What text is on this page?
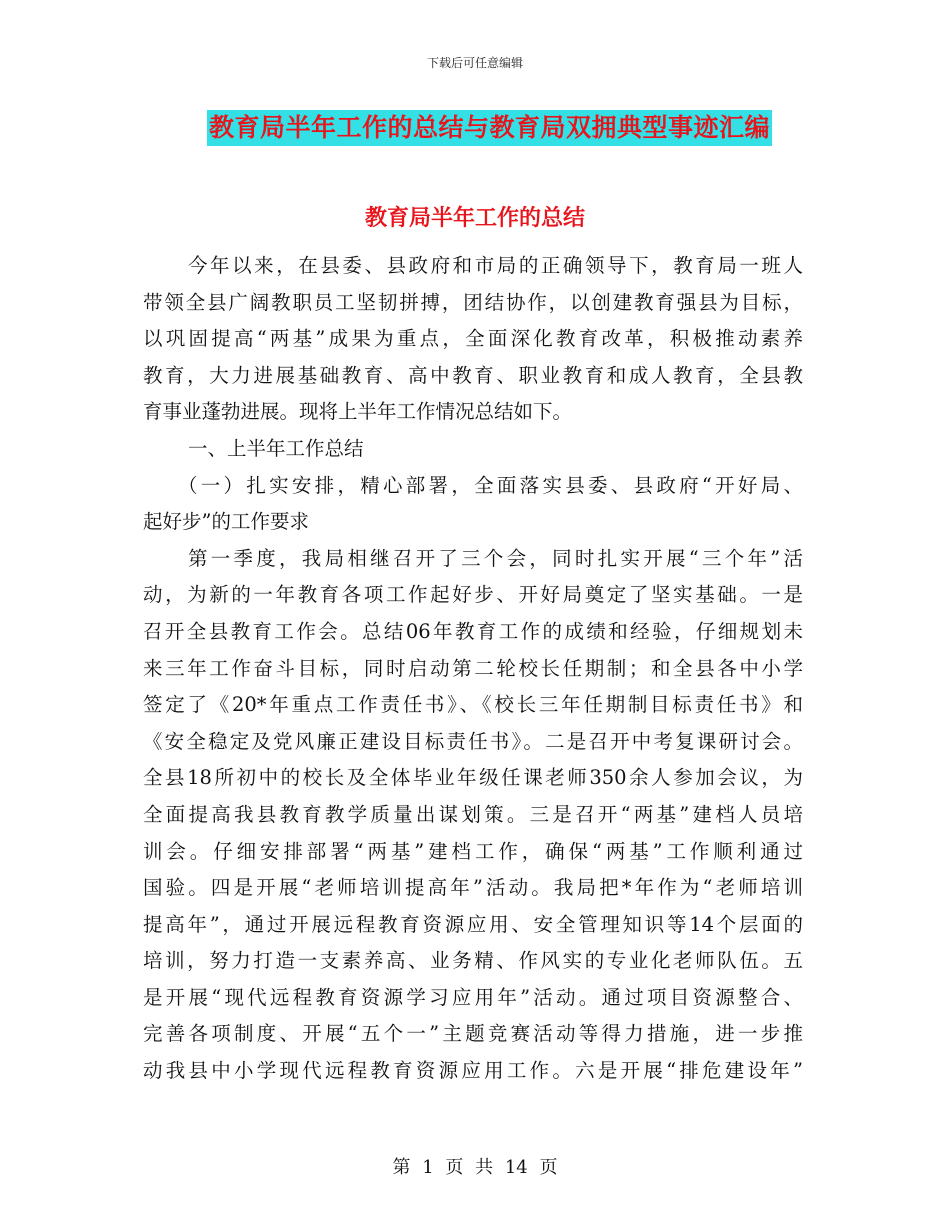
下载后可任意编辑
教育局半年工作的总结与教育局双拥典型事迹汇编
教育局半年工作的总结
今年以来，在县委、县政府和市局的正确领导下，教育局一班人
带领全县广阔教职员工坚韧拼搏，团结协作，以创建教育强县为目标，
以巩固提高“两基”成果为重点，全面深化教育改革，积极推动素养
教育，大力进展基础教育、高中教育、职业教育和成人教育，全县教
育事业蓬勃进展。现将上半年工作情况总结如下。
一、上半年工作总结
（一）扎实安排，精心部署，全面落实县委、县政府“开好局、
起好步”的工作要求
第一季度，我局相继召开了三个会，同时扎实开展“三个年”活
动，为新的一年教育各项工作起好步、开好局奠定了坚实基础。一是
召开全县教育工作会。总结06年教育工作的成绩和经验，仔细规划未
来三年工作奋斗目标，同时启动第二轮校长任期制；和全县各中小学
签定了《20*年重点工作责任书》、《校长三年任期制目标责任书》和
《安全稳定及党风廉正建设目标责任书》。二是召开中考复课研讨会。
全县18所初中的校长及全体毕业年级任课老师350余人参加会议，为
全面提高我县教育教学质量出谋划策。三是召开“两基”建档人员培
训会。仔细安排部署“两基”建档工作，确保“两基”工作顺利通过
国验。四是开展“老师培训提高年”活动。我局把*年作为“老师培训
提高年”，通过开展远程教育资源应用、安全管理知识等14个层面的
培训，努力打造一支素养高、业务精、作风实的专业化老师队伍。五
是开展“现代远程教育资源学习应用年”活动。通过项目资源整合、
完善各项制度、开展“五个一”主题竞赛活动等得力措施，进一步推
动我县中小学现代远程教育资源应用工作。六是开展“排危建设年”
第 1 页 共 14 页
